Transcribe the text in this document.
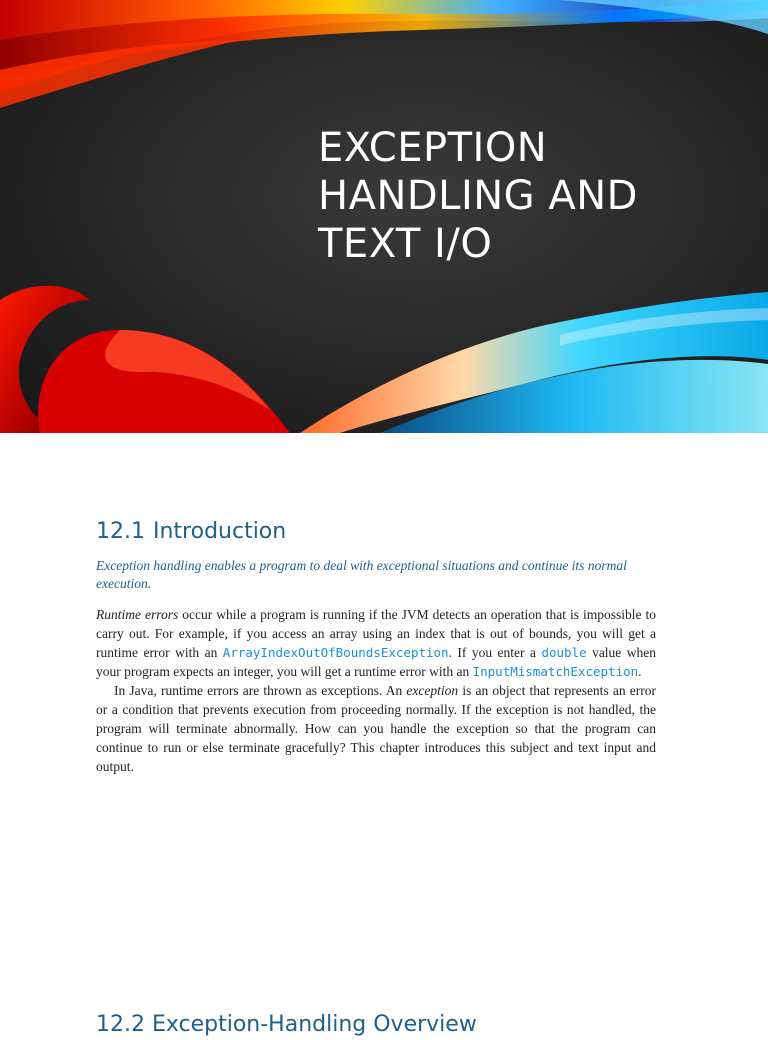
EXCEPTION
HANDLING AND
TEXT I/O
12.1 Introduction

Exception handling enables a program to deal with exceptional situations and continue its normal execution.

Runtime errors occur while a program is running if the JVM detects an operation that is impossible to carry out. For example, if you access an array using an index that is out of bounds, you will get a runtime error with an ArrayIndexOutOfBoundsException. If you enter a double value when your program expects an integer, you will get a runtime error with an InputMismatchException.

In Java, runtime errors are thrown as exceptions. An exception is an object that represents an error or a condition that prevents execution from proceeding normally. If the exception is not handled, the program will terminate abnormally. How can you handle the exception so that the program can continue to run or else terminate gracefully? This chapter introduces this subject and text input and output.

12.2 Exception-Handling Overview
